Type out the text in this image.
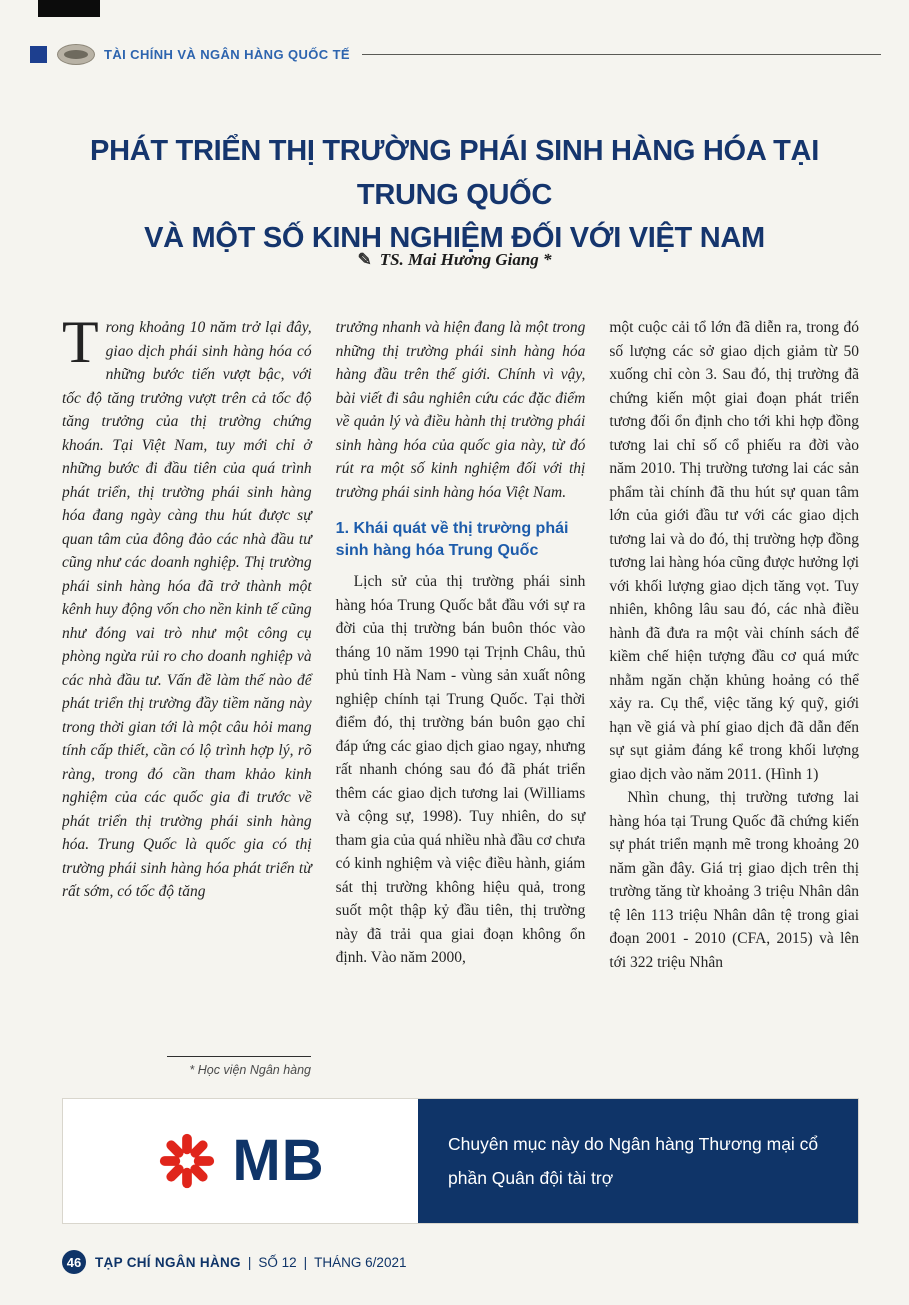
TÀI CHÍNH VÀ NGÂN HÀNG QUỐC TẾ
PHÁT TRIỂN THỊ TRƯỜNG PHÁI SINH HÀNG HÓA TẠI TRUNG QUỐC
VÀ MỘT SỐ KINH NGHIỆM ĐỐI VỚI VIỆT NAM
✎ TS. Mai Hương Giang *

Trong khoảng 10 năm trở lại đây, giao dịch phái sinh hàng hóa có những bước tiến vượt bậc, với tốc độ tăng trưởng vượt trên cả tốc độ tăng trưởng của thị trường chứng khoán. Tại Việt Nam, tuy mới chỉ ở những bước đi đầu tiên của quá trình phát triển, thị trường phái sinh hàng hóa đang ngày càng thu hút được sự quan tâm của đông đảo các nhà đầu tư cũng như các doanh nghiệp. Thị trường phái sinh hàng hóa đã trở thành một kênh huy động vốn cho nền kinh tế cũng như đóng vai trò như một công cụ phòng ngừa rủi ro cho doanh nghiệp và các nhà đầu tư. Vấn đề làm thế nào để phát triển thị trường đầy tiềm năng này trong thời gian tới là một câu hỏi mang tính cấp thiết, cần có lộ trình hợp lý, rõ ràng, trong đó cần tham khảo kinh nghiệm của các quốc gia đi trước về phát triển thị trường phái sinh hàng hóa. Trung Quốc là quốc gia có thị trường phái sinh hàng hóa phát triển từ rất sớm, có tốc độ tăng

trưởng nhanh và hiện đang là một trong những thị trường phái sinh hàng hóa hàng đầu trên thế giới. Chính vì vậy, bài viết đi sâu nghiên cứu các đặc điểm về quản lý và điều hành thị trường phái sinh hàng hóa của quốc gia này, từ đó rút ra một số kinh nghiệm đối với thị trường phái sinh hàng hóa Việt Nam.

1. Khái quát về thị trường phái sinh hàng hóa Trung Quốc

Lịch sử của thị trường phái sinh hàng hóa Trung Quốc bắt đầu với sự ra đời của thị trường bán buôn thóc vào tháng 10 năm 1990 tại Trịnh Châu, thủ phủ tỉnh Hà Nam - vùng sản xuất nông nghiệp chính tại Trung Quốc. Tại thời điểm đó, thị trường bán buôn gạo chỉ đáp ứng các giao dịch giao ngay, nhưng rất nhanh chóng sau đó đã phát triển thêm các giao dịch tương lai (Williams và cộng sự, 1998). Tuy nhiên, do sự tham gia của quá nhiều nhà đầu cơ chưa có kinh nghiệm và việc điều hành, giám sát thị trường không hiệu quả, trong suốt một thập kỷ đầu tiên, thị trường này đã trải qua giai đoạn không ổn định. Vào năm 2000,

một cuộc cải tổ lớn đã diễn ra, trong đó số lượng các sở giao dịch giảm từ 50 xuống chỉ còn 3. Sau đó, thị trường đã chứng kiến một giai đoạn phát triển tương đối ổn định cho tới khi hợp đồng tương lai chỉ số cổ phiếu ra đời vào năm 2010. Thị trường tương lai các sản phẩm tài chính đã thu hút sự quan tâm lớn của giới đầu tư với các giao dịch tương lai và do đó, thị trường hợp đồng tương lai hàng hóa cũng được hưởng lợi với khối lượng giao dịch tăng vọt. Tuy nhiên, không lâu sau đó, các nhà điều hành đã đưa ra một vài chính sách để kiềm chế hiện tượng đầu cơ quá mức nhằm ngăn chặn khủng hoảng có thể xảy ra. Cụ thể, việc tăng ký quỹ, giới hạn về giá và phí giao dịch đã dẫn đến sự sụt giảm đáng kể trong khối lượng giao dịch vào năm 2011. (Hình 1)

Nhìn chung, thị trường tương lai hàng hóa tại Trung Quốc đã chứng kiến sự phát triển mạnh mẽ trong khoảng 20 năm gần đây. Giá trị giao dịch trên thị trường tăng từ khoảng 3 triệu Nhân dân tệ lên 113 triệu Nhân dân tệ trong giai đoạn 2001 - 2010 (CFA, 2015) và lên tới 322 triệu Nhân

* Học viện Ngân hàng
MB	Chuyên mục này do Ngân hàng Thương mại cổ phần Quân đội tài trợ
46	TẠP CHÍ NGÂN HÀNG | SỐ 12 | THÁNG 6/2021
